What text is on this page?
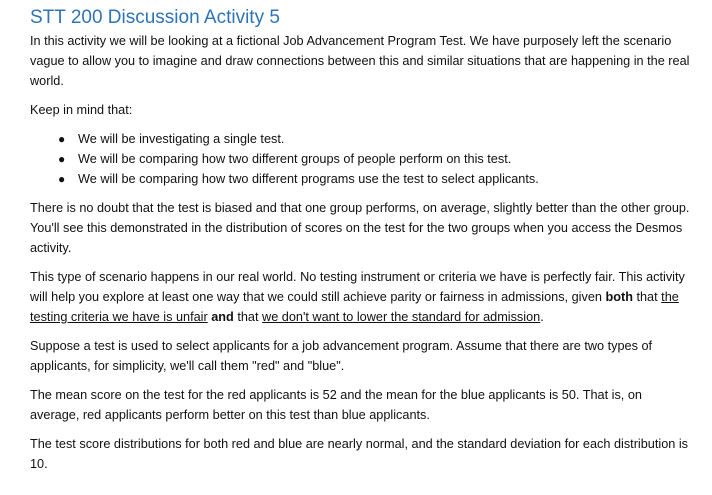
STT 200 Discussion Activity 5

In this activity we will be looking at a fictional Job Advancement Program Test. We have purposely left the scenario vague to allow you to imagine and draw connections between this and similar situations that are happening in the real world.

Keep in mind that:

● We will be investigating a single test.
● We will be comparing how two different groups of people perform on this test.
● We will be comparing how two different programs use the test to select applicants.

There is no doubt that the test is biased and that one group performs, on average, slightly better than the other group. You'll see this demonstrated in the distribution of scores on the test for the two groups when you access the Desmos activity.

This type of scenario happens in our real world. No testing instrument or criteria we have is perfectly fair. This activity will help you explore at least one way that we could still achieve parity or fairness in admissions, given both that the testing criteria we have is unfair and that we don't want to lower the standard for admission.

Suppose a test is used to select applicants for a job advancement program. Assume that there are two types of applicants, for simplicity, we'll call them "red" and "blue".

The mean score on the test for the red applicants is 52 and the mean for the blue applicants is 50. That is, on average, red applicants perform better on this test than blue applicants.

The test score distributions for both red and blue are nearly normal, and the standard deviation for each distribution is 10.
